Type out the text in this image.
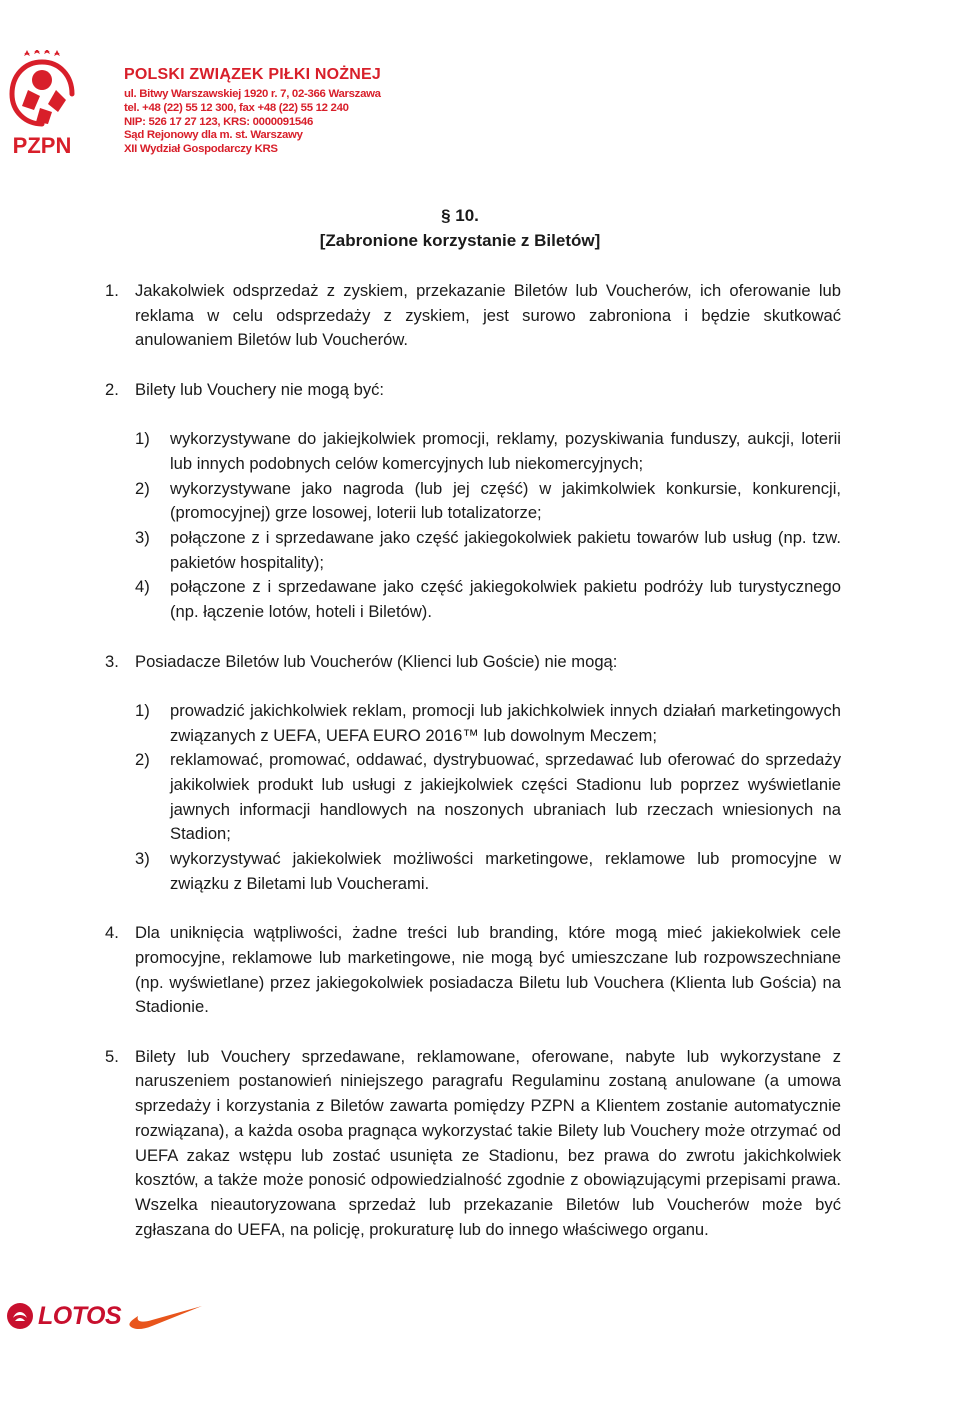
PZPN
POLSKI ZWIĄZEK PIŁKI NOŻNEJ
ul. Bitwy Warszawskiej 1920 r. 7, 02-366 Warszawa
tel. +48 (22) 55 12 300, fax +48 (22) 55 12 240
NIP: 526 17 27 123, KRS: 0000091546
Sąd Rejonowy dla m. st. Warszawy
XII Wydział Gospodarczy KRS
§ 10.
[Zabronione korzystanie z Biletów]
1. Jakakolwiek odsprzedaż z zyskiem, przekazanie Biletów lub Voucherów, ich oferowanie lub reklama w celu odsprzedaży z zyskiem, jest surowo zabroniona i będzie skutkować anulowaniem Biletów lub Voucherów.
2. Bilety lub Vouchery nie mogą być:
1)	wykorzystywane do jakiejkolwiek promocji, reklamy, pozyskiwania funduszy, aukcji, loterii lub innych podobnych celów komercyjnych lub niekomercyjnych;
2)	wykorzystywane jako nagroda (lub jej część) w jakimkolwiek konkursie, konkurencji, (promocyjnej) grze losowej, loterii lub totalizatorze;
3)	połączone z i sprzedawane jako część jakiegokolwiek pakietu towarów lub usług (np. tzw. pakietów hospitality);
4)	połączone z i sprzedawane jako część jakiegokolwiek pakietu podróży lub turystycznego (np. łączenie lotów, hoteli i Biletów).
3. Posiadacze Biletów lub Voucherów (Klienci lub Goście) nie mogą:
1)	prowadzić jakichkolwiek reklam, promocji lub jakichkolwiek innych działań marketingowych związanych z UEFA, UEFA EURO 2016™ lub dowolnym Meczem;
2)	reklamować, promować, oddawać, dystrybuować, sprzedawać lub oferować do sprzedaży jakikolwiek produkt lub usługi z jakiejkolwiek części Stadionu lub poprzez wyświetlanie jawnych informacji handlowych na noszonych ubraniach lub rzeczach wniesionych na Stadion;
3)	wykorzystywać jakiekolwiek możliwości marketingowe, reklamowe lub promocyjne w związku z Biletami lub Voucherami.
4. Dla uniknięcia wątpliwości, żadne treści lub branding, które mogą mieć jakiekolwiek cele promocyjne, reklamowe lub marketingowe, nie mogą być umieszczane lub rozpowszechniane (np. wyświetlane) przez jakiegokolwiek posiadacza Biletu lub Vouchera (Klienta lub Gościa) na Stadionie.
5. Bilety lub Vouchery sprzedawane, reklamowane, oferowane, nabyte lub wykorzystane z naruszeniem postanowień niniejszego paragrafu Regulaminu zostaną anulowane (a umowa sprzedaży i korzystania z Biletów zawarta pomiędzy PZPN a Klientem zostanie automatycznie rozwiązana), a każda osoba pragnąca wykorzystać takie Bilety lub Vouchery może otrzymać od UEFA zakaz wstępu lub zostać usunięta ze Stadionu, bez prawa do zwrotu jakichkolwiek kosztów, a także może ponosić odpowiedzialność zgodnie z obowiązującymi przepisami prawa. Wszelka nieautoryzowana sprzedaż lub przekazanie Biletów lub Voucherów może być zgłaszana do UEFA, na policję, prokuraturę lub do innego właściwego organu.
LOTOS
